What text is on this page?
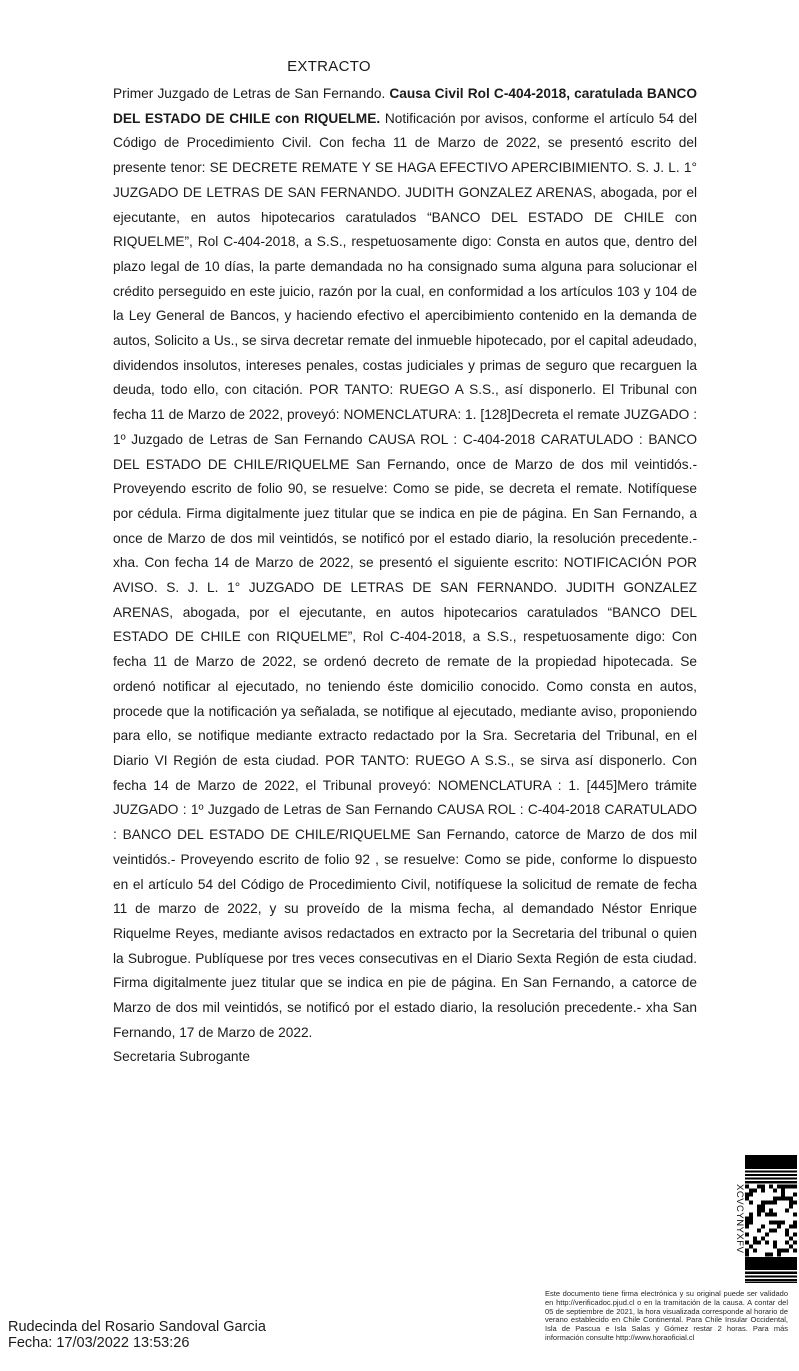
EXTRACTO

Primer Juzgado de Letras de San Fernando. Causa Civil Rol C-404-2018, caratulada BANCO DEL ESTADO DE CHILE con RIQUELME. Notificación por avisos, conforme el artículo 54 del Código de Procedimiento Civil. Con fecha 11 de Marzo de 2022, se presentó escrito del presente tenor: SE DECRETE REMATE Y SE HAGA EFECTIVO APERCIBIMIENTO. S. J. L. 1° JUZGADO DE LETRAS DE SAN FERNANDO. JUDITH GONZALEZ ARENAS, abogada, por el ejecutante, en autos hipotecarios caratulados “BANCO DEL ESTADO DE CHILE con RIQUELME”, Rol C-404-2018, a S.S., respetuosamente digo: Consta en autos que, dentro del plazo legal de 10 días, la parte demandada no ha consignado suma alguna para solucionar el crédito perseguido en este juicio, razón por la cual, en conformidad a los artículos 103 y 104 de la Ley General de Bancos, y haciendo efectivo el apercibimiento contenido en la demanda de autos, Solicito a Us., se sirva decretar remate del inmueble hipotecado, por el capital adeudado, dividendos insolutos, intereses penales, costas judiciales y primas de seguro que recarguen la deuda, todo ello, con citación. POR TANTO: RUEGO A S.S., así disponerlo. El Tribunal con fecha 11 de Marzo de 2022, proveyó: NOMENCLATURA: 1. [128]Decreta el remate JUZGADO : 1º Juzgado de Letras de San Fernando CAUSA ROL : C-404-2018 CARATULADO : BANCO DEL ESTADO DE CHILE/RIQUELME San Fernando, once de Marzo de dos mil veintidós.- Proveyendo escrito de folio 90, se resuelve: Como se pide, se decreta el remate. Notifíquese por cédula. Firma digitalmente juez titular que se indica en pie de página. En San Fernando, a once de Marzo de dos mil veintidós, se notificó por el estado diario, la resolución precedente.- xha. Con fecha 14 de Marzo de 2022, se presentó el siguiente escrito: NOTIFICACIÓN POR AVISO. S. J. L. 1° JUZGADO DE LETRAS DE SAN FERNANDO. JUDITH GONZALEZ ARENAS, abogada, por el ejecutante, en autos hipotecarios caratulados “BANCO DEL ESTADO DE CHILE con RIQUELME”, Rol C-404-2018, a S.S., respetuosamente digo: Con fecha 11 de Marzo de 2022, se ordenó decreto de remate de la propiedad hipotecada. Se ordenó notificar al ejecutado, no teniendo éste domicilio conocido. Como consta en autos, procede que la notificación ya señalada, se notifique al ejecutado, mediante aviso, proponiendo para ello, se notifique mediante extracto redactado por la Sra. Secretaria del Tribunal, en el Diario VI Región de esta ciudad. POR TANTO: RUEGO A S.S., se sirva así disponerlo. Con fecha 14 de Marzo de 2022, el Tribunal proveyó: NOMENCLATURA : 1. [445]Mero trámite JUZGADO : 1º Juzgado de Letras de San Fernando CAUSA ROL : C-404-2018 CARATULADO : BANCO DEL ESTADO DE CHILE/RIQUELME San Fernando, catorce de Marzo de dos mil veintidós.- Proveyendo escrito de folio 92 , se resuelve: Como se pide, conforme lo dispuesto en el artículo 54 del Código de Procedimiento Civil, notifíquese la solicitud de remate de fecha 11 de marzo de 2022, y su proveído de la misma fecha, al demandado Néstor Enrique Riquelme Reyes, mediante avisos redactados en extracto por la Secretaria del tribunal o quien la Subrogue. Publíquese por tres veces consecutivas en el Diario Sexta Región de esta ciudad. Firma digitalmente juez titular que se indica en pie de página. En San Fernando, a catorce de Marzo de dos mil veintidós, se notificó por el estado diario, la resolución precedente.- xha San Fernando, 17 de Marzo de 2022.

Secretaria Subrogante
XCVCYNYXFV
Este documento tiene firma electrónica y su original puede ser validado en http://verificadoc.pjud.cl o en la tramitación de la causa. A contar del 05 de septiembre de 2021, la hora visualizada corresponde al horario de verano establecido en Chile Continental. Para Chile Insular Occidental, Isla de Pascua e Isla Salas y Gómez restar 2 horas. Para más información consulte http://www.horaoficial.cl
Rudecinda del Rosario Sandoval Garcia
Fecha: 17/03/2022 13:53:26
